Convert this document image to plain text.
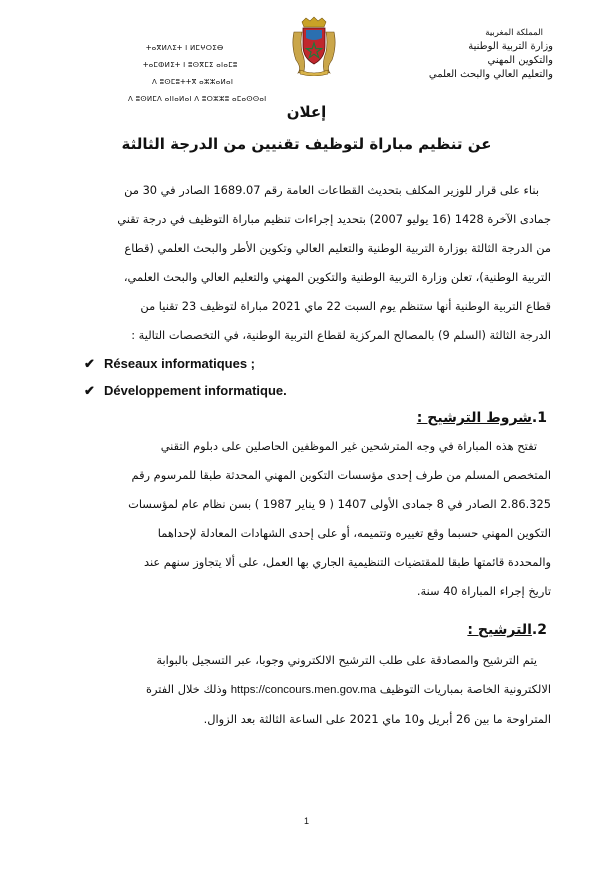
المملكة المغربية
وزارة التربية الوطنية
والتكوين المهني
والتعليم العالي والبحث العلمي
ⵜⴰⴳⵍⴷⵉⵜ ⵏ ⵍⵎⵖⵔⵉⴱ
ⵜⴰⵎⵀⵍⵉⵜ ⵏ ⵓⵙⴳⵎⵉ ⴰⵏⴰⵎⵓ
ⴷ ⵓⵙⵎⵓⵜⵜⴳ ⴰⵣⵣⴰⵍⴰⵏ
ⴷ ⵓⵙⵍⵎⴷ ⴰⵏⵏⴰⵍⴰⵏ ⴷ ⵓⵔⵣⵣⵓ ⴰⵎⴰⵙⵙⴰⵏ
إعلان
عن تنظيم مباراة لتوظيف تقنيين من الدرجة الثالثة
بناء على قرار للوزير المكلف بتحديث القطاعات العامة رقم 1689.07 الصادر في 30 من
جمادى الآخرة 1428 (16 يوليو 2007) بتحديد إجراءات تنظيم مباراة التوظيف في درجة تقني
من الدرجة الثالثة بوزارة التربية الوطنية والتعليم العالي وتكوين الأطر والبحث العلمي (قطاع
التربية الوطنية)، تعلن وزارة التربية الوطنية والتكوين المهني والتعليم العالي والبحث العلمي،
قطاع التربية الوطنية أنها ستنظم يوم السبت 22 ماي 2021 مباراة لتوظيف 23 تقنيا من
الدرجة الثالثة (السلم 9) بالمصالح المركزية لقطاع التربية الوطنية، في التخصصات التالية :
✔ Réseaux informatiques ;
✔ Développement informatique.
1.شروط الترشيح :
تفتح هذه المباراة في وجه المترشحين غير الموظفين الحاصلين على دبلوم التقني
المتخصص المسلم من طرف إحدى مؤسسات التكوين المهني المحدثة طبقا للمرسوم رقم
2.86.325 الصادر في 8 جمادى الأولى 1407 ( 9 يناير 1987 ) بسن نظام عام لمؤسسات
التكوين المهني حسبما وقع تغييره وتتميمه، أو على إحدى الشهادات المعادلة لإحداهما
والمحددة قائمتها طبقا للمقتضيات التنظيمية الجاري بها العمل، على ألا يتجاوز سنهم عند
تاريخ إجراء المباراة 40 سنة.
2.الترشيح :
يتم الترشيح والمصادقة على طلب الترشيح الالكتروني وجوبا، عبر التسجيل بالبوابة
الالكترونية الخاصة بمباريات التوظيف https://concours.men.gov.ma وذلك خلال الفترة
المتراوحة ما بين 26 أبريل و10 ماي 2021 على الساعة الثالثة بعد الزوال.
1
